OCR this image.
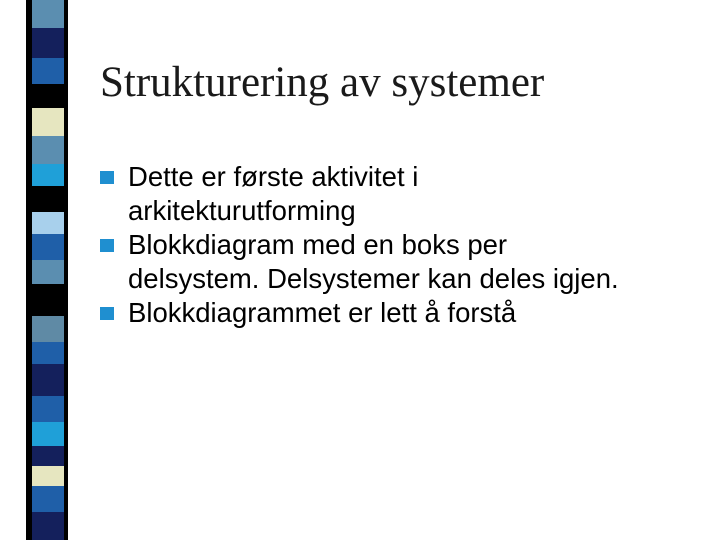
Strukturering av systemer
Dette er første aktivitet i
arkitekturutforming
Blokkdiagram med en boks per
delsystem. Delsystemer kan deles igjen.
Blokkdiagrammet er lett å forstå
